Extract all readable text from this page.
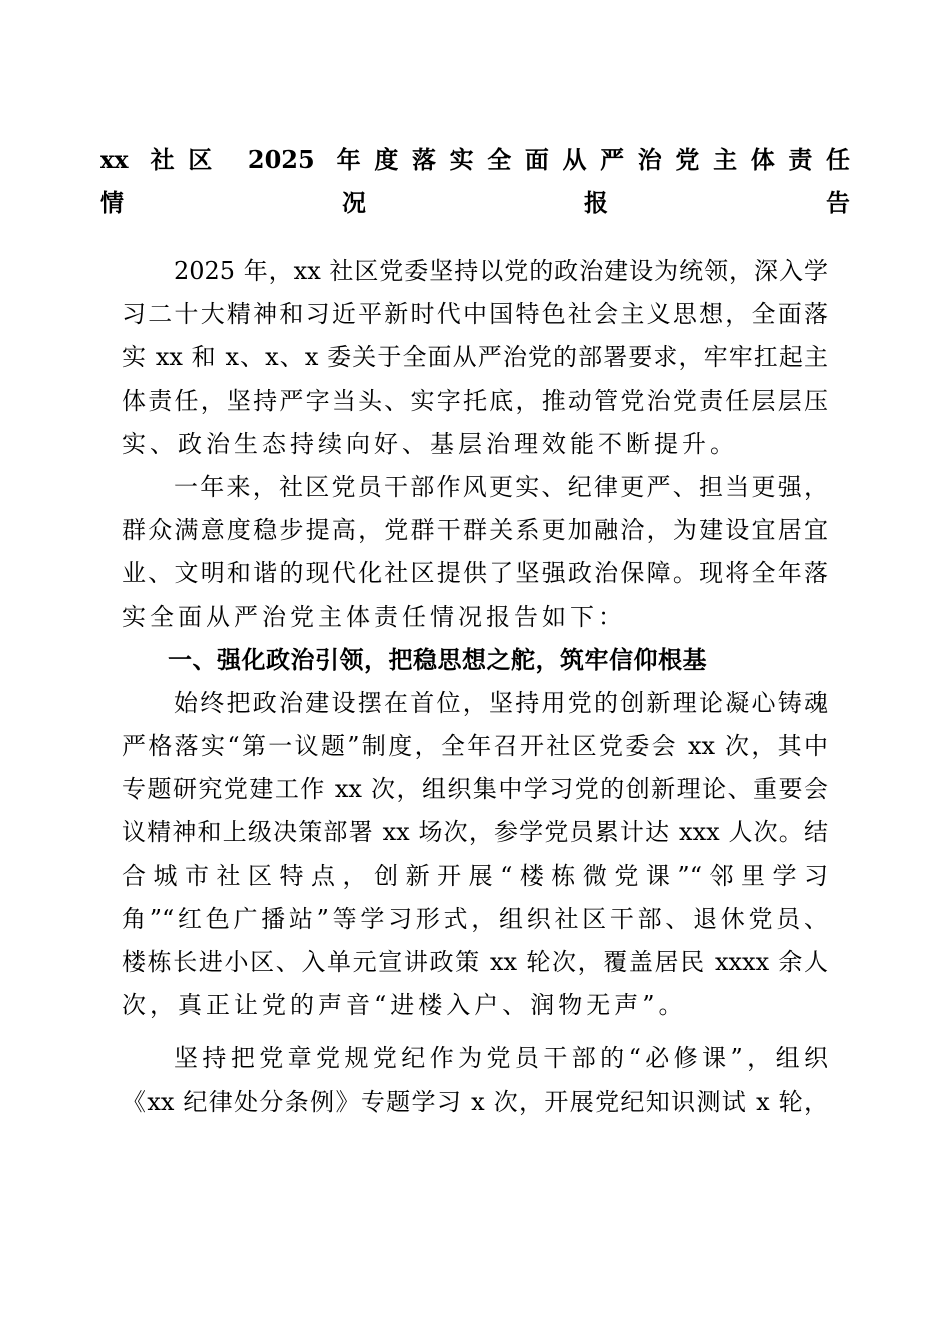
xx 社区 2025 年度落实全面从严治党主体责任
情况报告
2025 年，xx 社区党委坚持以党的政治建设为统领，深入学
习二十大精神和习近平新时代中国特色社会主义思想，全面落
实 xx 和 x、x、x 委关于全面从严治党的部署要求，牢牢扛起主
体责任，坚持严字当头、实字托底，推动管党治党责任层层压
实、政治生态持续向好、基层治理效能不断提升。
一年来，社区党员干部作风更实、纪律更严、担当更强，
群众满意度稳步提高，党群干群关系更加融洽，为建设宜居宜
业、文明和谐的现代化社区提供了坚强政治保障。现将全年落
实全面从严治党主体责任情况报告如下：
一、强化政治引领，把稳思想之舵，筑牢信仰根基
始终把政治建设摆在首位，坚持用党的创新理论凝心铸魂
严格落实“第一议题”制度，全年召开社区党委会 xx 次，其中
专题研究党建工作 xx 次，组织集中学习党的创新理论、重要会
议精神和上级决策部署 xx 场次，参学党员累计达 xxx 人次。结
合城市社区特点，创新开展“楼栋微党课”“邻里学习
角”“红色广播站”等学习形式，组织社区干部、退休党员、
楼栋长进小区、入单元宣讲政策 xx 轮次，覆盖居民 xxxx 余人
次，真正让党的声音“进楼入户、润物无声”。
坚持把党章党规党纪作为党员干部的“必修课”，组织
《xx 纪律处分条例》专题学习 x 次，开展党纪知识测试 x 轮，
